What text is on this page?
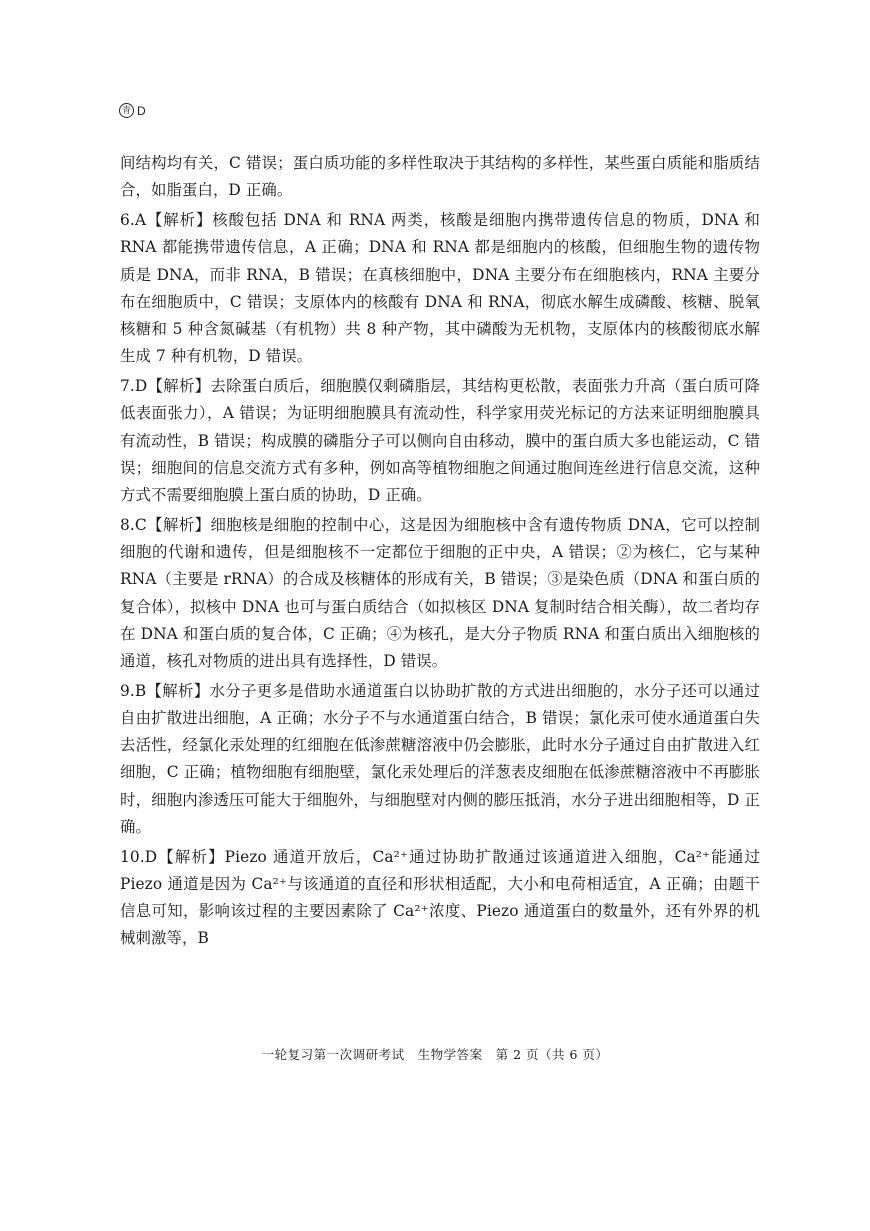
青 D

间结构均有关，C 错误；蛋白质功能的多样性取决于其结构的多样性，某些蛋白质能和脂质结合，如脂蛋白，D 正确。

6.A【解析】核酸包括 DNA 和 RNA 两类，核酸是细胞内携带遗传信息的物质，DNA 和 RNA 都能携带遗传信息，A 正确；DNA 和 RNA 都是细胞内的核酸，但细胞生物的遗传物质是 DNA，而非 RNA，B 错误；在真核细胞中，DNA 主要分布在细胞核内，RNA 主要分布在细胞质中，C 错误；支原体内的核酸有 DNA 和 RNA，彻底水解生成磷酸、核糖、脱氧核糖和 5 种含氮碱基（有机物）共 8 种产物，其中磷酸为无机物，支原体内的核酸彻底水解生成 7 种有机物，D 错误。

7.D【解析】去除蛋白质后，细胞膜仅剩磷脂层，其结构更松散，表面张力升高（蛋白质可降低表面张力），A 错误；为证明细胞膜具有流动性，科学家用荧光标记的方法来证明细胞膜具有流动性，B 错误；构成膜的磷脂分子可以侧向自由移动，膜中的蛋白质大多也能运动，C 错误；细胞间的信息交流方式有多种，例如高等植物细胞之间通过胞间连丝进行信息交流，这种方式不需要细胞膜上蛋白质的协助，D 正确。

8.C【解析】细胞核是细胞的控制中心，这是因为细胞核中含有遗传物质 DNA，它可以控制细胞的代谢和遗传，但是细胞核不一定都位于细胞的正中央，A 错误；②为核仁，它与某种 RNA（主要是 rRNA）的合成及核糖体的形成有关，B 错误；③是染色质（DNA 和蛋白质的复合体），拟核中 DNA 也可与蛋白质结合（如拟核区 DNA 复制时结合相关酶），故二者均存在 DNA 和蛋白质的复合体，C 正确；④为核孔，是大分子物质 RNA 和蛋白质出入细胞核的通道，核孔对物质的进出具有选择性，D 错误。

9.B【解析】水分子更多是借助水通道蛋白以协助扩散的方式进出细胞的，水分子还可以通过自由扩散进出细胞，A 正确；水分子不与水通道蛋白结合，B 错误；氯化汞可使水通道蛋白失去活性，经氯化汞处理的红细胞在低渗蔗糖溶液中仍会膨胀，此时水分子通过自由扩散进入红细胞，C 正确；植物细胞有细胞壁，氯化汞处理后的洋葱表皮细胞在低渗蔗糖溶液中不再膨胀时，细胞内渗透压可能大于细胞外，与细胞壁对内侧的膨压抵消，水分子进出细胞相等，D 正确。

10.D【解析】Piezo 通道开放后，Ca²⁺通过协助扩散通过该通道进入细胞，Ca²⁺能通过 Piezo 通道是因为 Ca²⁺与该通道的直径和形状相适配，大小和电荷相适宜，A 正确；由题干信息可知，影响该过程的主要因素除了 Ca²⁺浓度、Piezo 通道蛋白的数量外，还有外界的机械刺激等，B

一轮复习第一次调研考试　生物学答案　第 2 页（共 6 页）
